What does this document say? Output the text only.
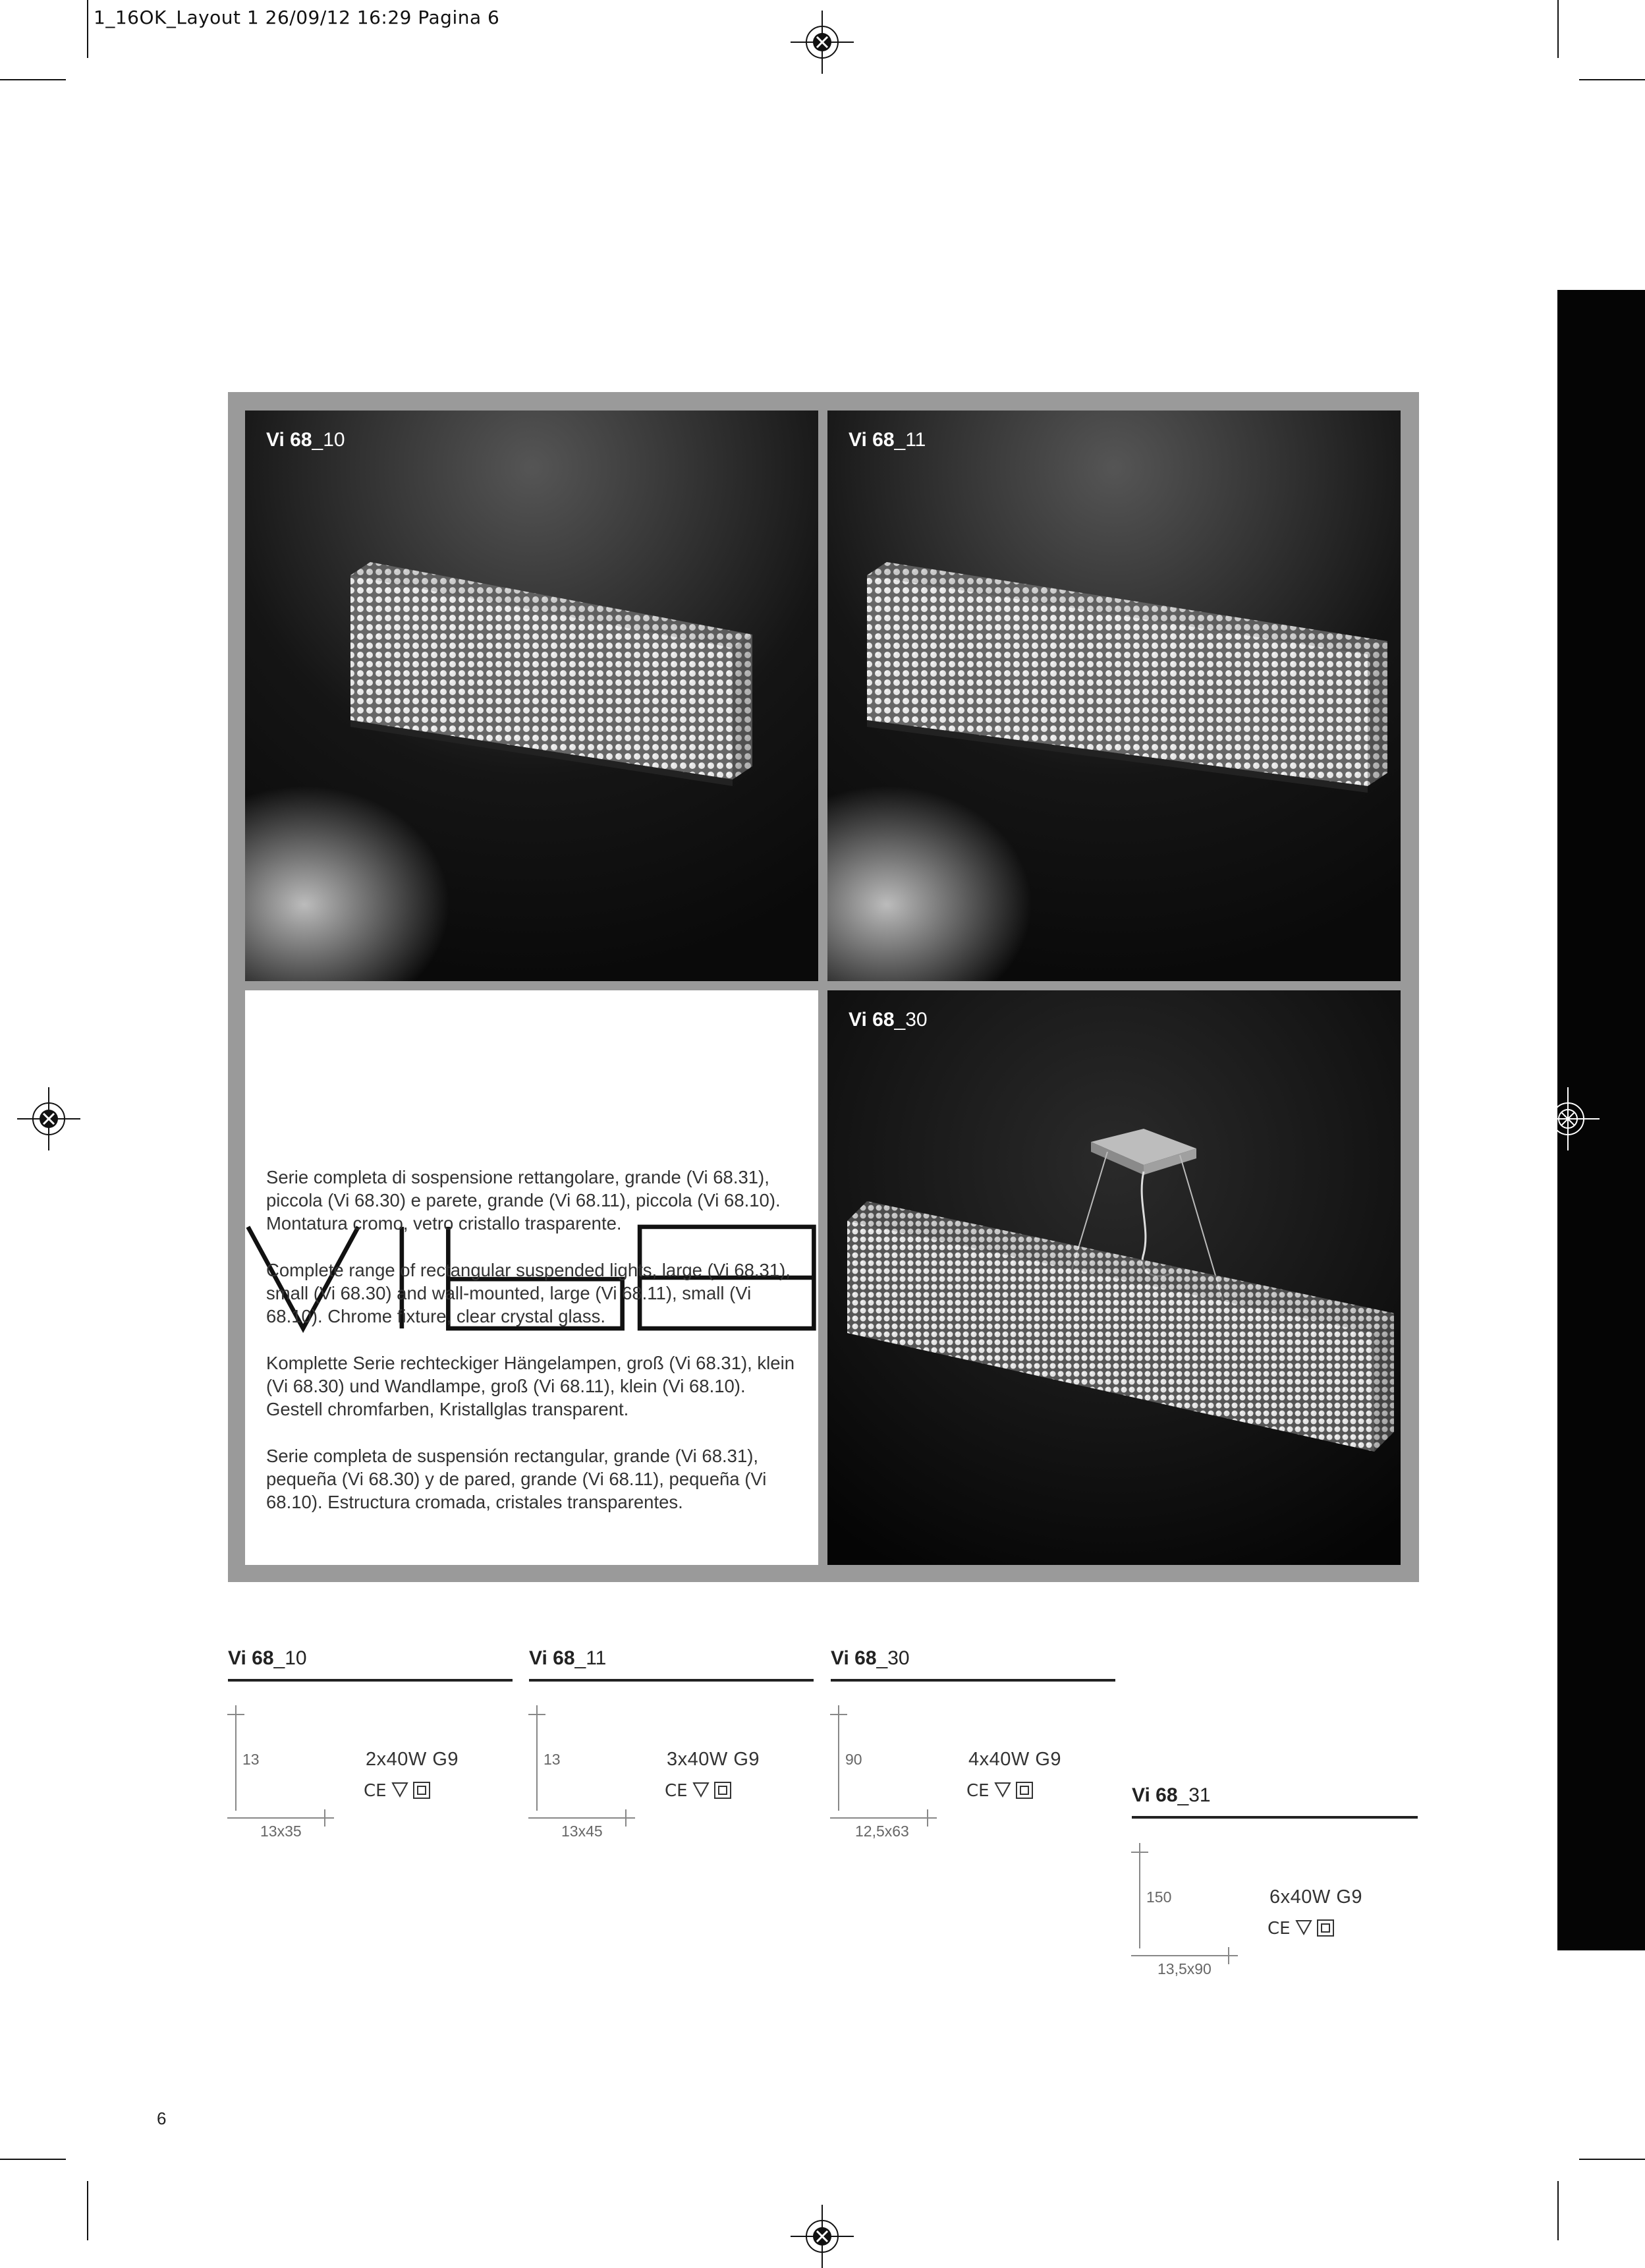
1_16OK_Layout 1 26/09/12 16:29 Pagina 6
Vi 68_10	Vi 68_11

Serie completa di sospensione rettangolare, grande (Vi 68.31), piccola (Vi 68.30) e parete, grande (Vi 68.11), piccola (Vi 68.10). Montatura cromo, vetro cristallo trasparente.

Complete range of rectangular suspended lights, large (Vi 68.31), small (Vi 68.30) and wall-mounted, large (Vi 68.11), small (Vi 68.10). Chrome fixture, clear crystal glass.

Komplette Serie rechteckiger Hängelampen, groß (Vi 68.31), klein (Vi 68.30) und Wandlampe, groß (Vi 68.11), klein (Vi 68.10). Gestell chromfarben, Kristallglas transparent.

Serie completa de suspensión rectangular, grande (Vi 68.31), pequeña (Vi 68.30) y de pared, grande (Vi 68.11), pequeña (Vi 68.10). Estructura cromada, cristales transparentes.

Vi 68_30
Vi 68_10
13
13x35
2x40W G9
CE
Vi 68_11
13
13x45
3x40W G9
CE
Vi 68_30
90
12,5x63
4x40W G9
CE	Vi 68_31
150
13,5x90
6x40W G9
CE
6
